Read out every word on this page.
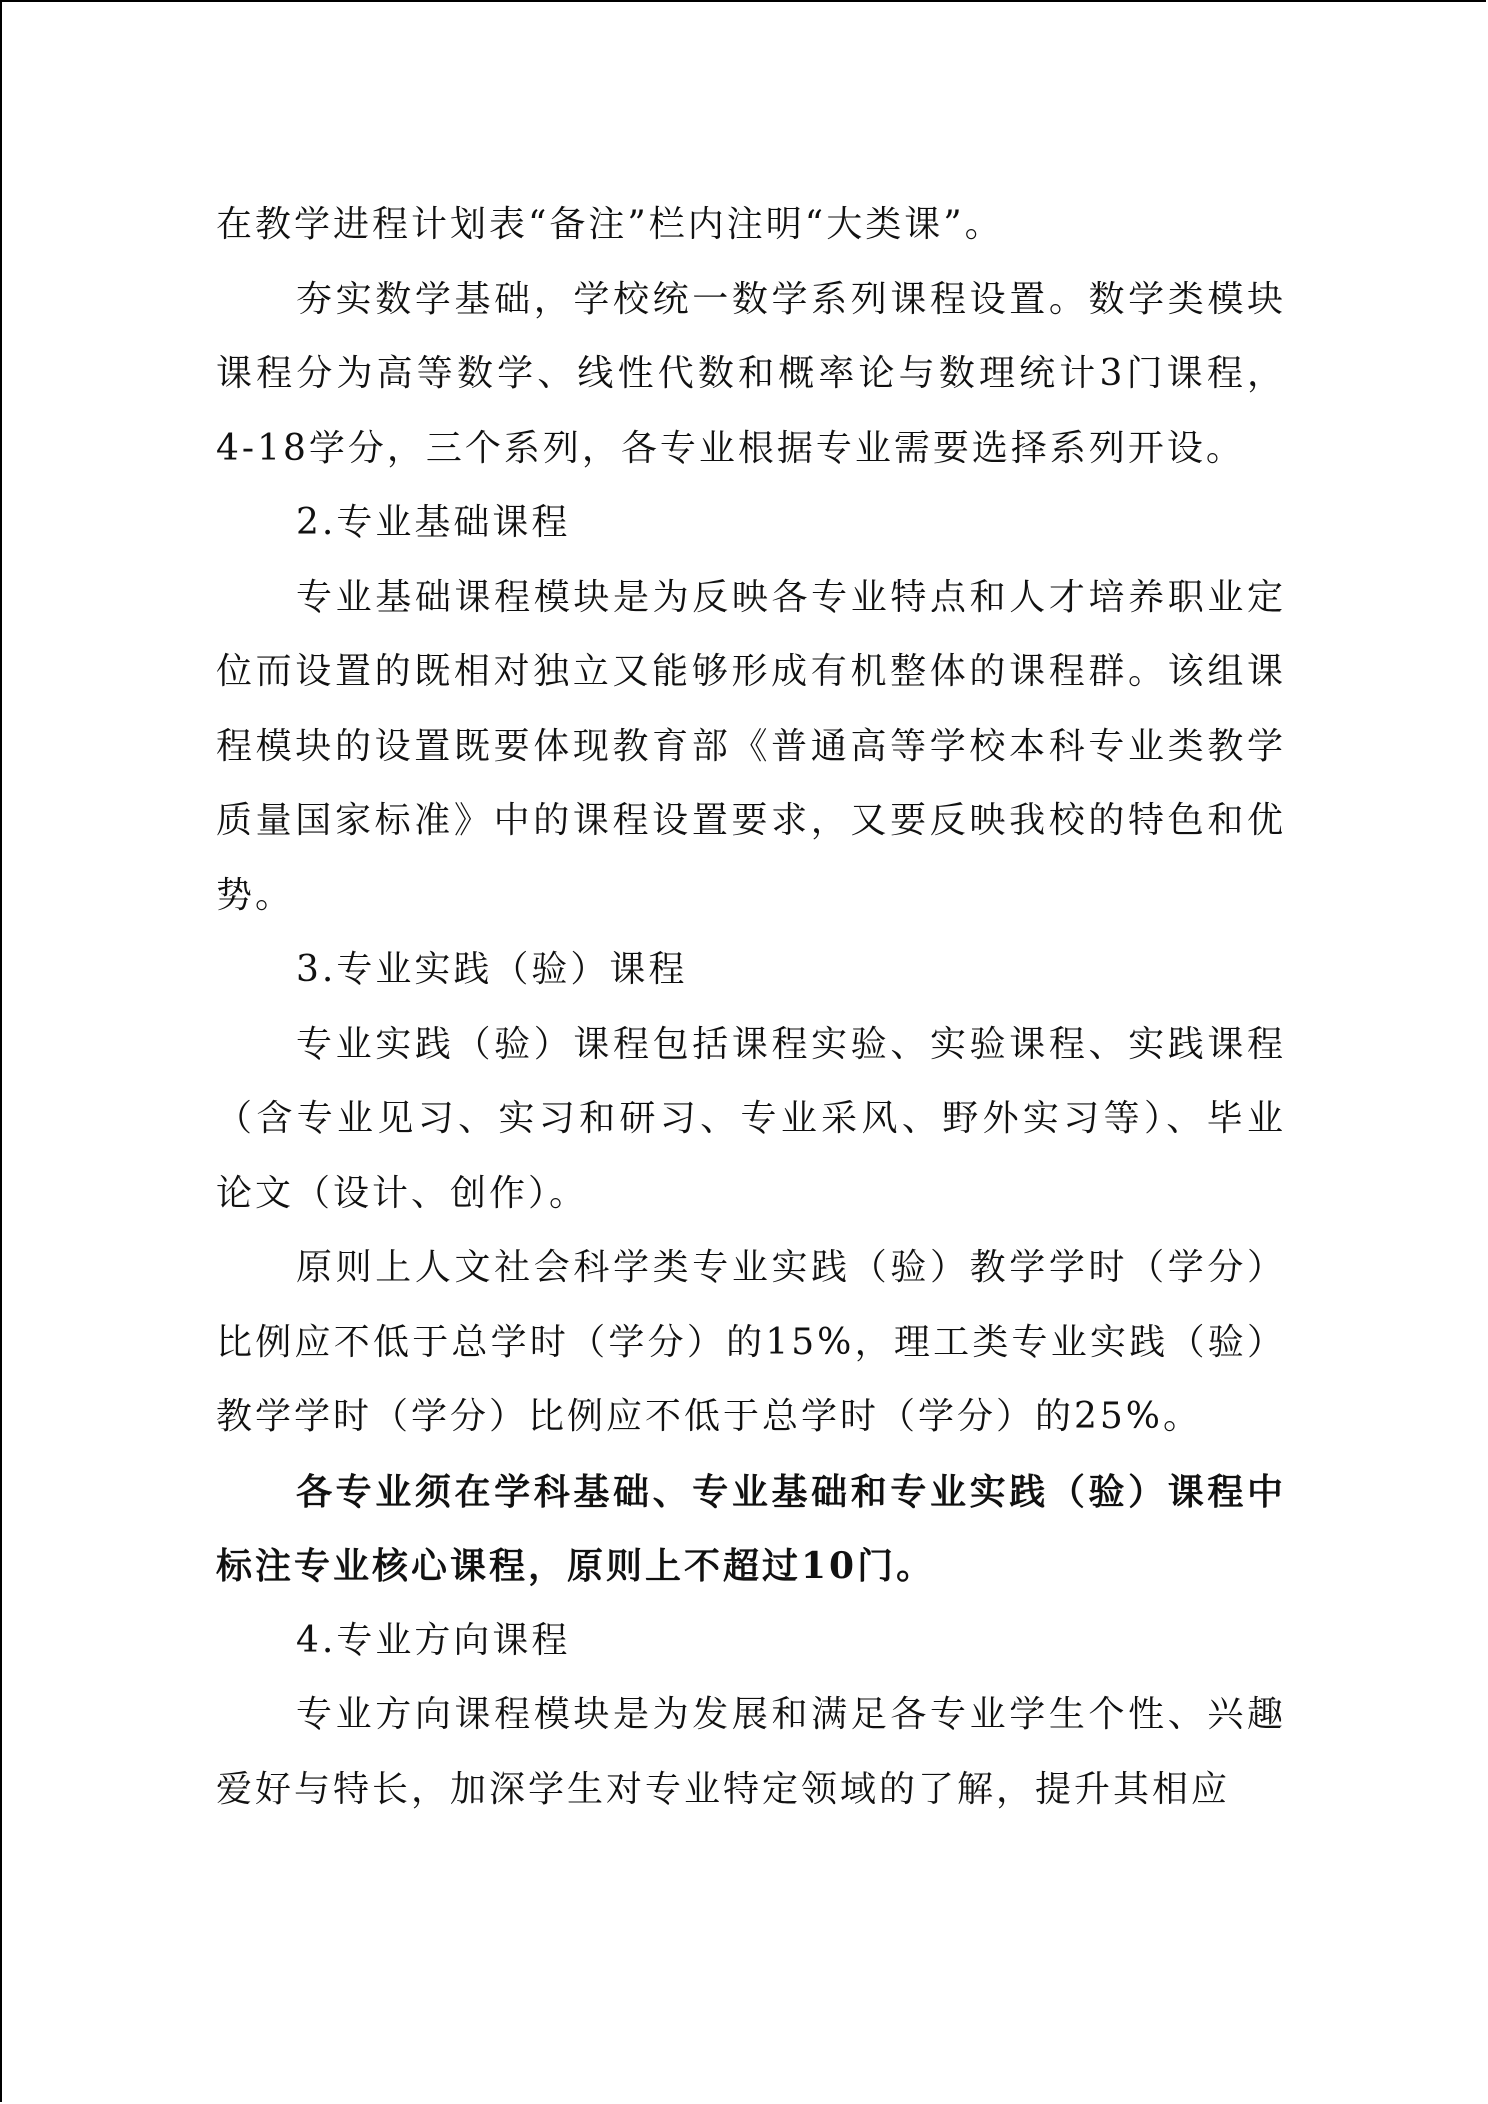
在教学进程计划表“备注”栏内注明“大类课”。

夯实数学基础，学校统一数学系列课程设置。数学类模块课程分为高等数学、线性代数和概率论与数理统计3门课程，4-18学分，三个系列，各专业根据专业需要选择系列开设。

2.专业基础课程

专业基础课程模块是为反映各专业特点和人才培养职业定位而设置的既相对独立又能够形成有机整体的课程群。该组课程模块的设置既要体现教育部《普通高等学校本科专业类教学质量国家标准》中的课程设置要求，又要反映我校的特色和优势。

3.专业实践（验）课程

专业实践（验）课程包括课程实验、实验课程、实践课程（含专业见习、实习和研习、专业采风、野外实习等）、毕业论文（设计、创作）。

原则上人文社会科学类专业实践（验）教学学时（学分）比例应不低于总学时（学分）的15%，理工类专业实践（验）教学学时（学分）比例应不低于总学时（学分）的25%。

各专业须在学科基础、专业基础和专业实践（验）课程中标注专业核心课程，原则上不超过10门。

4.专业方向课程

专业方向课程模块是为发展和满足各专业学生个性、兴趣爱好与特长，加深学生对专业特定领域的了解，提升其相应
